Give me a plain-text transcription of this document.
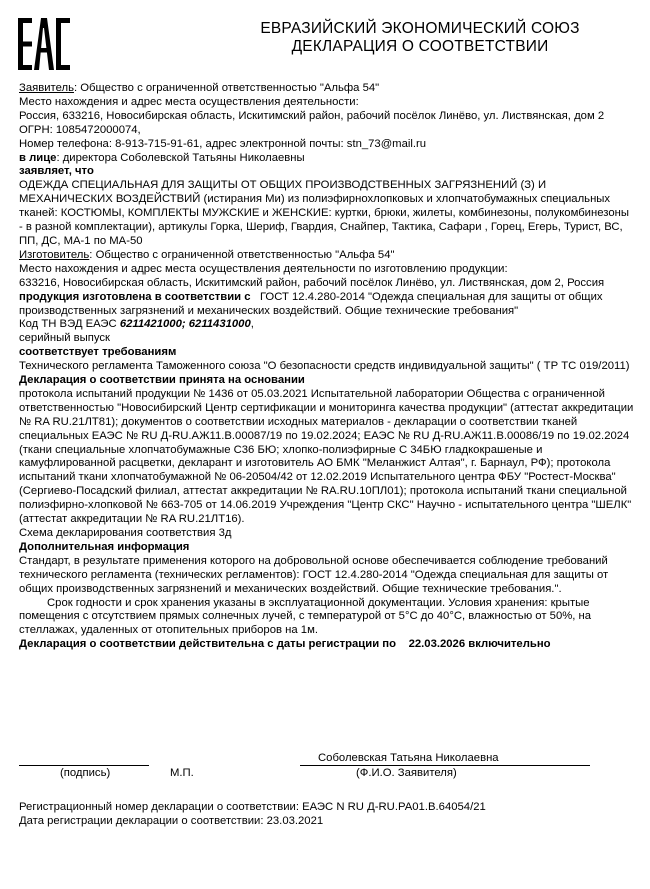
ЕВРАЗИЙСКИЙ ЭКОНОМИЧЕСКИЙ СОЮЗ
ДЕКЛАРАЦИЯ О СООТВЕТСТВИИ

Заявитель: Общество с ограниченной ответственностью "Альфа 54"

Место нахождения и адрес места осуществления деятельности:

Россия, 633216, Новосибирская область, Искитимский район, рабочий посёлок Линёво, ул. Листвянская, дом 2

ОГРН: 1085472000074,

Номер телефона: 8-913-715-91-61, адрес электронной почты: stn_73@mail.ru

в лице: директора Соболевской Татьяны Николаевны

заявляет, что

ОДЕЖДА СПЕЦИАЛЬНАЯ ДЛЯ ЗАЩИТЫ ОТ ОБЩИХ ПРОИЗВОДСТВЕННЫХ ЗАГРЯЗНЕНИЙ (З) И МЕХАНИЧЕСКИХ ВОЗДЕЙСТВИЙ (истирания Ми) из полиэфирнохлопковых и хлопчатобумажных специальных тканей: КОСТЮМЫ, КОМПЛЕКТЫ МУЖСКИЕ и ЖЕНСКИЕ: куртки, брюки, жилеты, комбинезоны, полукомбинезоны - в разной комплектации), артикулы Горка, Шериф, Гвардия, Снайпер, Тактика, Сафари , Горец, Егерь, Турист, ВС, ПП, ДС, МА-1 по МА-50

Изготовитель: Общество с ограниченной ответственностью "Альфа 54"

Место нахождения и адрес места осуществления деятельности по изготовлению продукции:

633216, Новосибирская область, Искитимский район, рабочий посёлок Линёво, ул. Листвянская, дом 2, Россия

продукция изготовлена в соответствии с ГОСТ 12.4.280-2014 "Одежда специальная для защиты от общих производственных загрязнений и механических воздействий. Общие технические требования"

Код ТН ВЭД ЕАЭС 6211421000; 6211431000,

серийный выпуск

соответствует требованиям

Технического регламента Таможенного союза "О безопасности средств индивидуальной защиты" ( ТР ТС 019/2011)

Декларация о соответствии принята на основании

протокола испытаний продукции № 1436 от 05.03.2021 Испытательной лаборатории Общества с ограниченной ответственностью "Новосибирский Центр сертификации и мониторинга качества продукции" (аттестат аккредитации № RA RU.21ЛТ81); документов о соответствии исходных материалов - декларации о соответствии тканей специальных ЕАЭС № RU Д-RU.АЖ11.В.00087/19 по 19.02.2024; ЕАЭС № RU Д-RU.АЖ11.В.00086/19 по 19.02.2024 (ткани специальные хлопчатобумажные С36 БЮ; хлопко-полиэфирные С 34БЮ гладкокрашеные и камуфлированной расцветки, декларант и изготовитель АО БМК "Меланжист Алтая", г. Барнаул, РФ); протокола испытаний ткани хлопчатобумажной № 06-20504/42 от 12.02.2019 Испытательного центра ФБУ "Ростест-Москва" (Сергиево-Посадский филиал, аттестат аккредитации № RA.RU.10ПЛ01); протокола испытаний ткани специальной полиэфирно-хлопковой № 663-705 от 14.06.2019 Учреждения "Центр СКС" Научно - испытательного центра "ШЕЛК" (аттестат аккредитации № RA RU.21ЛТ16).

Схема декларирования соответствия 3д

Дополнительная информация

Стандарт, в результате применения которого на добровольной основе обеспечивается соблюдение требований технического регламента (технических регламентов): ГОСТ 12.4.280-2014 "Одежда специальная для защиты от общих производственных загрязнений и механических воздействий. Общие технические требования.".

Срок годности и срок хранения указаны в эксплуатационной документации. Условия хранения: крытые помещения с отсутствием прямых солнечных лучей, с температурой от 5°С до 40°С, влажностью от 50%, на стеллажах, удаленных от отопительных приборов на 1м.

Декларация о соответствии действительна с даты регистрации по 22.03.2026 включительно

Соболевская Татьяна Николаевна
(подпись)	М.П.	(Ф.И.О. Заявителя)
Регистрационный номер декларации о соответствии: ЕАЭС N RU Д-RU.РА01.В.64054/21
Дата регистрации декларации о соответствии: 23.03.2021
